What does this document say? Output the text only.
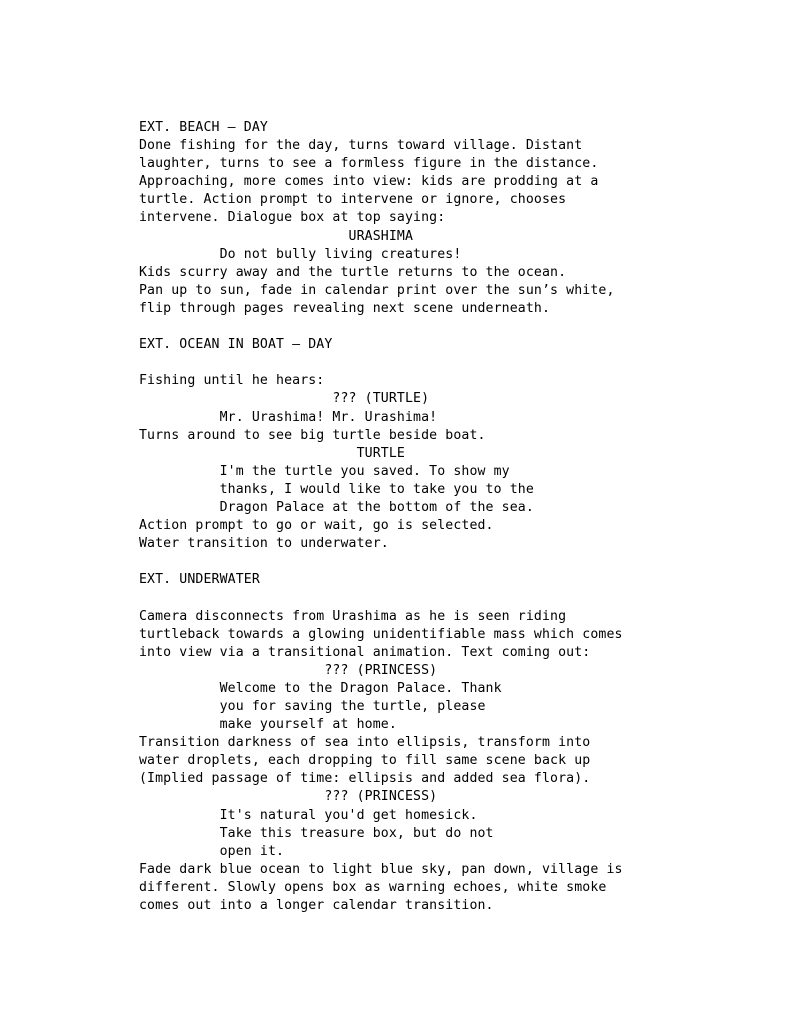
EXT. BEACH – DAY
Done fishing for the day, turns toward village. Distant
laughter, turns to see a formless figure in the distance.
Approaching, more comes into view: kids are prodding at a
turtle. Action prompt to intervene or ignore, chooses
intervene. Dialogue box at top saying:
URASHIMA
Do not bully living creatures!
Kids scurry away and the turtle returns to the ocean.
Pan up to sun, fade in calendar print over the sun’s white,
flip through pages revealing next scene underneath.

EXT. OCEAN IN BOAT – DAY

Fishing until he hears:
??? (TURTLE)
Mr. Urashima! Mr. Urashima!
Turns around to see big turtle beside boat.
TURTLE
I'm the turtle you saved. To show my
thanks, I would like to take you to the
Dragon Palace at the bottom of the sea.
Action prompt to go or wait, go is selected.
Water transition to underwater.

EXT. UNDERWATER

Camera disconnects from Urashima as he is seen riding
turtleback towards a glowing unidentifiable mass which comes
into view via a transitional animation. Text coming out:
??? (PRINCESS)
Welcome to the Dragon Palace. Thank
you for saving the turtle, please
make yourself at home.
Transition darkness of sea into ellipsis, transform into
water droplets, each dropping to fill same scene back up
(Implied passage of time: ellipsis and added sea flora).
??? (PRINCESS)
It's natural you'd get homesick.
Take this treasure box, but do not
open it.
Fade dark blue ocean to light blue sky, pan down, village is
different. Slowly opens box as warning echoes, white smoke
comes out into a longer calendar transition.
